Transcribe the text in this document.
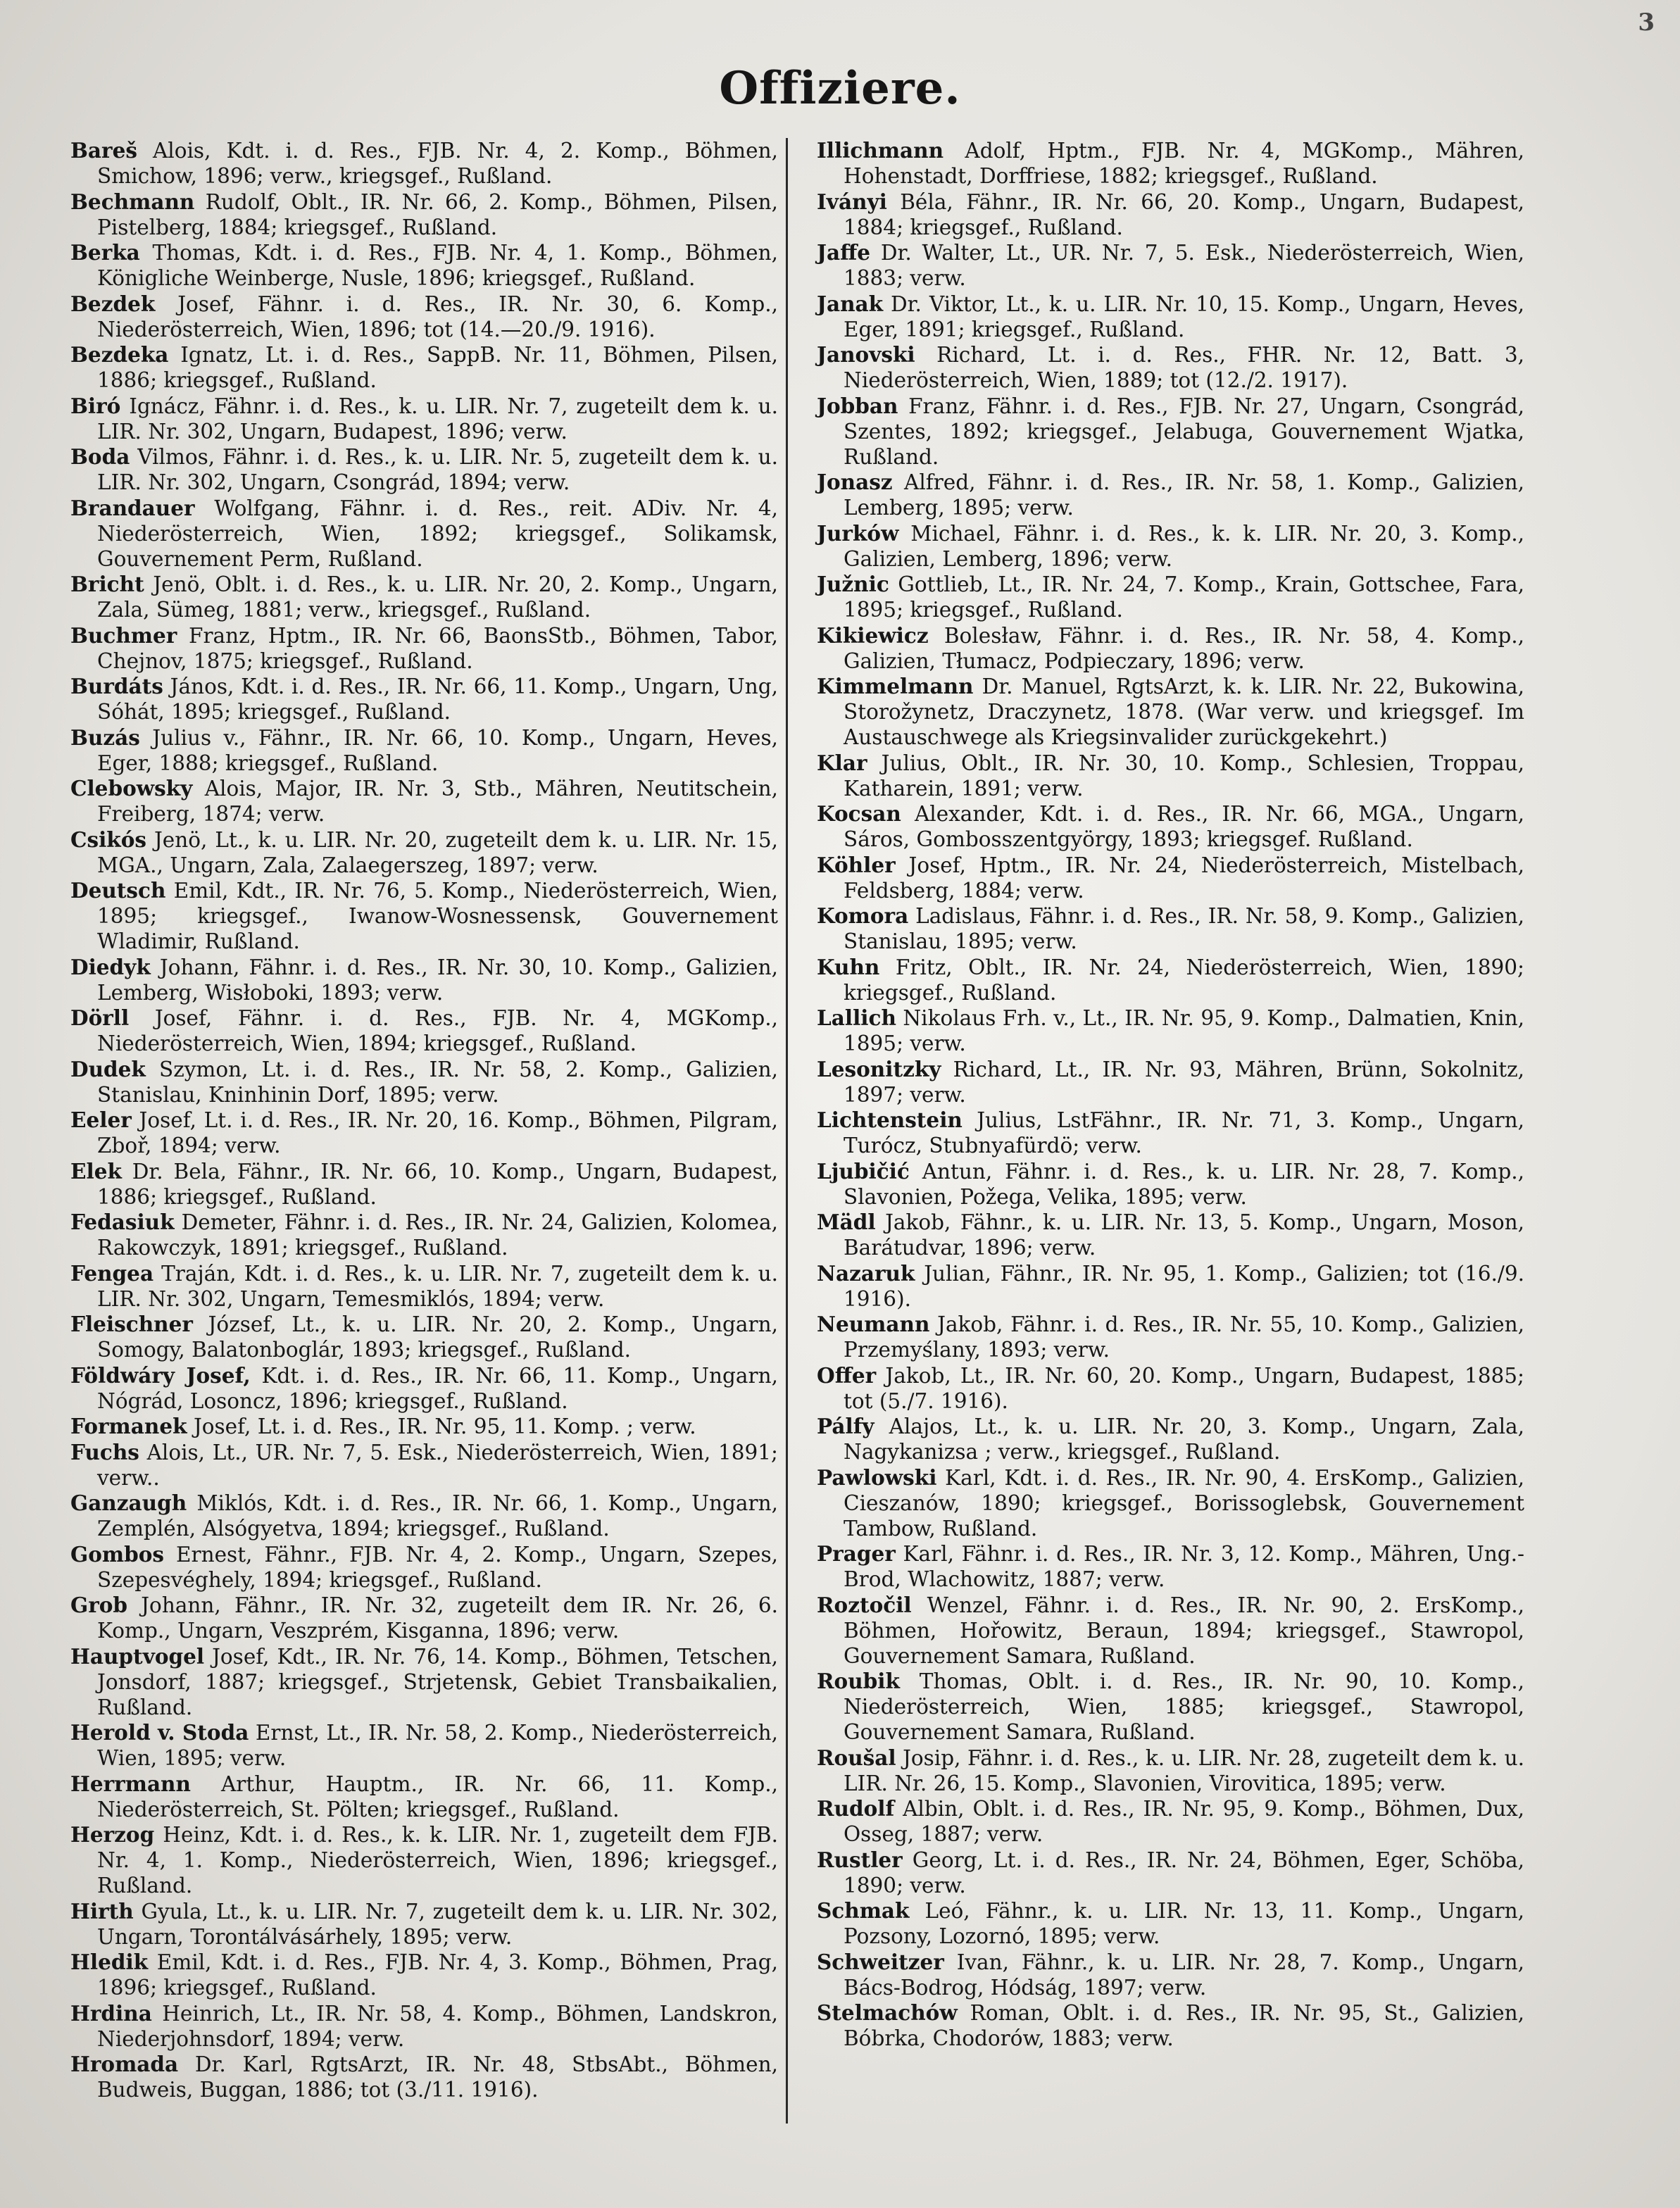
3
Offiziere.

Bareš Alois, Kdt. i. d. Res., FJB. Nr. 4, 2. Komp., Böhmen, Smichow, 1896; verw., kriegsgef., Rußland.

Bechmann Rudolf, Oblt., IR. Nr. 66, 2. Komp., Böhmen, Pilsen, Pistelberg, 1884; kriegsgef., Rußland.

Berka Thomas, Kdt. i. d. Res., FJB. Nr. 4, 1. Komp., Böhmen, Königliche Weinberge, Nusle, 1896; kriegsgef., Rußland.

Bezdek Josef, Fähnr. i. d. Res., IR. Nr. 30, 6. Komp., Niederösterreich, Wien, 1896; tot (14.—20./9. 1916).

Bezdeka Ignatz, Lt. i. d. Res., SappB. Nr. 11, Böhmen, Pilsen, 1886; kriegsgef., Rußland.

Biró Ignácz, Fähnr. i. d. Res., k. u. LIR. Nr. 7, zugeteilt dem k. u. LIR. Nr. 302, Ungarn, Budapest, 1896; verw.

Boda Vilmos, Fähnr. i. d. Res., k. u. LIR. Nr. 5, zugeteilt dem k. u. LIR. Nr. 302, Ungarn, Csongrád, 1894; verw.

Brandauer Wolfgang, Fähnr. i. d. Res., reit. ADiv. Nr. 4, Niederösterreich, Wien, 1892; kriegsgef., Solikamsk, Gouvernement Perm, Rußland.

Bricht Jenö, Oblt. i. d. Res., k. u. LIR. Nr. 20, 2. Komp., Ungarn, Zala, Sümeg, 1881; verw., kriegsgef., Rußland.

Buchmer Franz, Hptm., IR. Nr. 66, BaonsStb., Böhmen, Tabor, Chejnov, 1875; kriegsgef., Rußland.

Burdáts János, Kdt. i. d. Res., IR. Nr. 66, 11. Komp., Ungarn, Ung, Sóhát, 1895; kriegsgef., Rußland.

Buzás Julius v., Fähnr., IR. Nr. 66, 10. Komp., Ungarn, Heves, Eger, 1888; kriegsgef., Rußland.

Clebowsky Alois, Major, IR. Nr. 3, Stb., Mähren, Neutitschein, Freiberg, 1874; verw.

Csikós Jenö, Lt., k. u. LIR. Nr. 20, zugeteilt dem k. u. LIR. Nr. 15, MGA., Ungarn, Zala, Zalaegerszeg, 1897; verw.

Deutsch Emil, Kdt., IR. Nr. 76, 5. Komp., Niederösterreich, Wien, 1895; kriegsgef., Iwanow-Wosnessensk, Gouvernement Wladimir, Rußland.

Diedyk Johann, Fähnr. i. d. Res., IR. Nr. 30, 10. Komp., Galizien, Lemberg, Wisłoboki, 1893; verw.

Dörll Josef, Fähnr. i. d. Res., FJB. Nr. 4, MGKomp., Niederösterreich, Wien, 1894; kriegsgef., Rußland.

Dudek Szymon, Lt. i. d. Res., IR. Nr. 58, 2. Komp., Galizien, Stanislau, Kninhinin Dorf, 1895; verw.

Eeler Josef, Lt. i. d. Res., IR. Nr. 20, 16. Komp., Böhmen, Pilgram, Zboř, 1894; verw.

Elek Dr. Bela, Fähnr., IR. Nr. 66, 10. Komp., Ungarn, Budapest, 1886; kriegsgef., Rußland.

Fedasiuk Demeter, Fähnr. i. d. Res., IR. Nr. 24, Galizien, Kolomea, Rakowczyk, 1891; kriegsgef., Rußland.

Fengea Traján, Kdt. i. d. Res., k. u. LIR. Nr. 7, zugeteilt dem k. u. LIR. Nr. 302, Ungarn, Temesmiklós, 1894; verw.

Fleischner József, Lt., k. u. LIR. Nr. 20, 2. Komp., Ungarn, Somogy, Balatonboglár, 1893; kriegsgef., Rußland.

Földwáry Josef, Kdt. i. d. Res., IR. Nr. 66, 11. Komp., Ungarn, Nógrád, Losoncz, 1896; kriegsgef., Rußland.

Formanek Josef, Lt. i. d. Res., IR. Nr. 95, 11. Komp. ; verw.

Fuchs Alois, Lt., UR. Nr. 7, 5. Esk., Niederösterreich, Wien, 1891; verw..

Ganzaugh Miklós, Kdt. i. d. Res., IR. Nr. 66, 1. Komp., Ungarn, Zemplén, Alsógyetva, 1894; kriegsgef., Rußland.

Gombos Ernest, Fähnr., FJB. Nr. 4, 2. Komp., Ungarn, Szepes, Szepesvéghely, 1894; kriegsgef., Rußland.

Grob Johann, Fähnr., IR. Nr. 32, zugeteilt dem IR. Nr. 26, 6. Komp., Ungarn, Veszprém, Kisganna, 1896; verw.

Hauptvogel Josef, Kdt., IR. Nr. 76, 14. Komp., Böhmen, Tetschen, Jonsdorf, 1887; kriegsgef., Strjetensk, Gebiet Transbaikalien, Rußland.

Herold v. Stoda Ernst, Lt., IR. Nr. 58, 2. Komp., Niederösterreich, Wien, 1895; verw.

Herrmann Arthur, Hauptm., IR. Nr. 66, 11. Komp., Niederösterreich, St. Pölten; kriegsgef., Rußland.

Herzog Heinz, Kdt. i. d. Res., k. k. LIR. Nr. 1, zugeteilt dem FJB. Nr. 4, 1. Komp., Niederösterreich, Wien, 1896; kriegsgef., Rußland.

Hirth Gyula, Lt., k. u. LIR. Nr. 7, zugeteilt dem k. u. LIR. Nr. 302, Ungarn, Torontálvásárhely, 1895; verw.

Hledik Emil, Kdt. i. d. Res., FJB. Nr. 4, 3. Komp., Böhmen, Prag, 1896; kriegsgef., Rußland.

Hrdina Heinrich, Lt., IR. Nr. 58, 4. Komp., Böhmen, Landskron, Niederjohnsdorf, 1894; verw.

Hromada Dr. Karl, RgtsArzt, IR. Nr. 48, StbsAbt., Böhmen, Budweis, Buggan, 1886; tot (3./11. 1916).

Illichmann Adolf, Hptm., FJB. Nr. 4, MGKomp., Mähren, Hohenstadt, Dorffriese, 1882; kriegsgef., Rußland.

Iványi Béla, Fähnr., IR. Nr. 66, 20. Komp., Ungarn, Budapest, 1884; kriegsgef., Rußland.

Jaffe Dr. Walter, Lt., UR. Nr. 7, 5. Esk., Niederösterreich, Wien, 1883; verw.

Janak Dr. Viktor, Lt., k. u. LIR. Nr. 10, 15. Komp., Ungarn, Heves, Eger, 1891; kriegsgef., Rußland.

Janovski Richard, Lt. i. d. Res., FHR. Nr. 12, Batt. 3, Niederösterreich, Wien, 1889; tot (12./2. 1917).

Jobban Franz, Fähnr. i. d. Res., FJB. Nr. 27, Ungarn, Csongrád, Szentes, 1892; kriegsgef., Jelabuga, Gouvernement Wjatka, Rußland.

Jonasz Alfred, Fähnr. i. d. Res., IR. Nr. 58, 1. Komp., Galizien, Lemberg, 1895; verw.

Jurków Michael, Fähnr. i. d. Res., k. k. LIR. Nr. 20, 3. Komp., Galizien, Lemberg, 1896; verw.

Južnic Gottlieb, Lt., IR. Nr. 24, 7. Komp., Krain, Gottschee, Fara, 1895; kriegsgef., Rußland.

Kikiewicz Bolesław, Fähnr. i. d. Res., IR. Nr. 58, 4. Komp., Galizien, Tłumacz, Podpieczary, 1896; verw.

Kimmelmann Dr. Manuel, RgtsArzt, k. k. LIR. Nr. 22, Bukowina, Storožynetz, Draczynetz, 1878. (War verw. und kriegsgef. Im Austauschwege als Kriegsinvalider zurückgekehrt.)

Klar Julius, Oblt., IR. Nr. 30, 10. Komp., Schlesien, Troppau, Katharein, 1891; verw.

Kocsan Alexander, Kdt. i. d. Res., IR. Nr. 66, MGA., Ungarn, Sáros, Gombosszentgyörgy, 1893; kriegsgef. Rußland.

Köhler Josef, Hptm., IR. Nr. 24, Niederösterreich, Mistelbach, Feldsberg, 1884; verw.

Komora Ladislaus, Fähnr. i. d. Res., IR. Nr. 58, 9. Komp., Galizien, Stanislau, 1895; verw.

Kuhn Fritz, Oblt., IR. Nr. 24, Niederösterreich, Wien, 1890; kriegsgef., Rußland.

Lallich Nikolaus Frh. v., Lt., IR. Nr. 95, 9. Komp., Dalmatien, Knin, 1895; verw.

Lesonitzky Richard, Lt., IR. Nr. 93, Mähren, Brünn, Sokolnitz, 1897; verw.

Lichtenstein Julius, LstFähnr., IR. Nr. 71, 3. Komp., Ungarn, Turócz, Stubnyafürdö; verw.

Ljubičić Antun, Fähnr. i. d. Res., k. u. LIR. Nr. 28, 7. Komp., Slavonien, Požega, Velika, 1895; verw.

Mädl Jakob, Fähnr., k. u. LIR. Nr. 13, 5. Komp., Ungarn, Moson, Barátudvar, 1896; verw.

Nazaruk Julian, Fähnr., IR. Nr. 95, 1. Komp., Galizien; tot (16./9. 1916).

Neumann Jakob, Fähnr. i. d. Res., IR. Nr. 55, 10. Komp., Galizien, Przemyślany, 1893; verw.

Offer Jakob, Lt., IR. Nr. 60, 20. Komp., Ungarn, Budapest, 1885; tot (5./7. 1916).

Pálfy Alajos, Lt., k. u. LIR. Nr. 20, 3. Komp., Ungarn, Zala, Nagykanizsa ; verw., kriegsgef., Rußland.

Pawlowski Karl, Kdt. i. d. Res., IR. Nr. 90, 4. ErsKomp., Galizien, Cieszanów, 1890; kriegsgef., Borissoglebsk, Gouvernement Tambow, Rußland.

Prager Karl, Fähnr. i. d. Res., IR. Nr. 3, 12. Komp., Mähren, Ung.-Brod, Wlachowitz, 1887; verw.

Roztočil Wenzel, Fähnr. i. d. Res., IR. Nr. 90, 2. ErsKomp., Böhmen, Hořowitz, Beraun, 1894; kriegsgef., Stawropol, Gouvernement Samara, Rußland.

Roubik Thomas, Oblt. i. d. Res., IR. Nr. 90, 10. Komp., Niederösterreich, Wien, 1885; kriegsgef., Stawropol, Gouvernement Samara, Rußland.

Roušal Josip, Fähnr. i. d. Res., k. u. LIR. Nr. 28, zugeteilt dem k. u. LIR. Nr. 26, 15. Komp., Slavonien, Virovitica, 1895; verw.

Rudolf Albin, Oblt. i. d. Res., IR. Nr. 95, 9. Komp., Böhmen, Dux, Osseg, 1887; verw.

Rustler Georg, Lt. i. d. Res., IR. Nr. 24, Böhmen, Eger, Schöba, 1890; verw.

Schmak Leó, Fähnr., k. u. LIR. Nr. 13, 11. Komp., Ungarn, Pozsony, Lozornó, 1895; verw.

Schweitzer Ivan, Fähnr., k. u. LIR. Nr. 28, 7. Komp., Ungarn, Bács-Bodrog, Hódság, 1897; verw.

Stelmachów Roman, Oblt. i. d. Res., IR. Nr. 95, St., Galizien, Bóbrka, Chodorów, 1883; verw.
